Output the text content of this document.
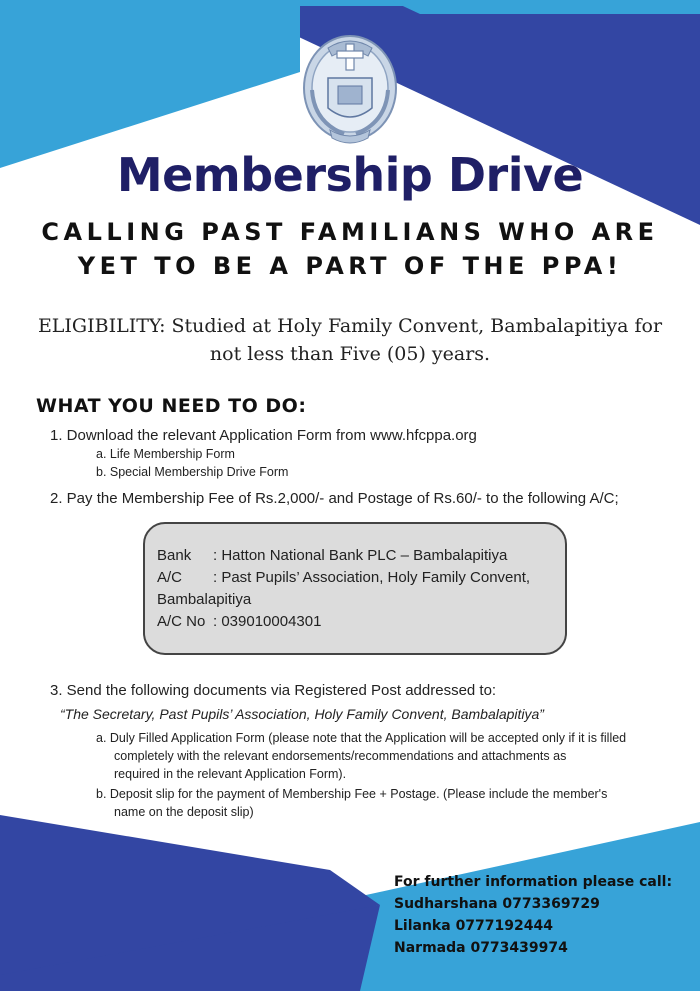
Membership Drive
CALLING PAST FAMILIANS WHO ARE
YET TO BE A PART OF THE PPA!
ELIGIBILITY: Studied at Holy Family Convent, Bambalapitiya for
not less than Five (05) years.
WHAT YOU NEED TO DO:
1. Download the relevant Application Form from www.hfcppa.org
a. Life Membership Form
b. Special Membership Drive Form
2. Pay the Membership Fee of Rs.2,000/- and Postage of Rs.60/- to the following A/C;
Bank : Hatton National Bank PLC – Bambalapitiya
A/C : Past Pupils’ Association, Holy Family Convent,
Bambalapitiya
A/C No : 039010004301
3. Send the following documents via Registered Post addressed to:
“The Secretary, Past Pupils’ Association, Holy Family Convent, Bambalapitiya”
a. Duly Filled Application Form (please note that the Application will be accepted only if it is filled
completely with the relevant endorsements/recommendations and attachments as
required in the relevant Application Form).
b. Deposit slip for the payment of Membership Fee + Postage. (Please include the member's
name on the deposit slip)
For further information please call:
Sudharshana 0773369729
Lilanka 0777192444
Narmada 0773439974
